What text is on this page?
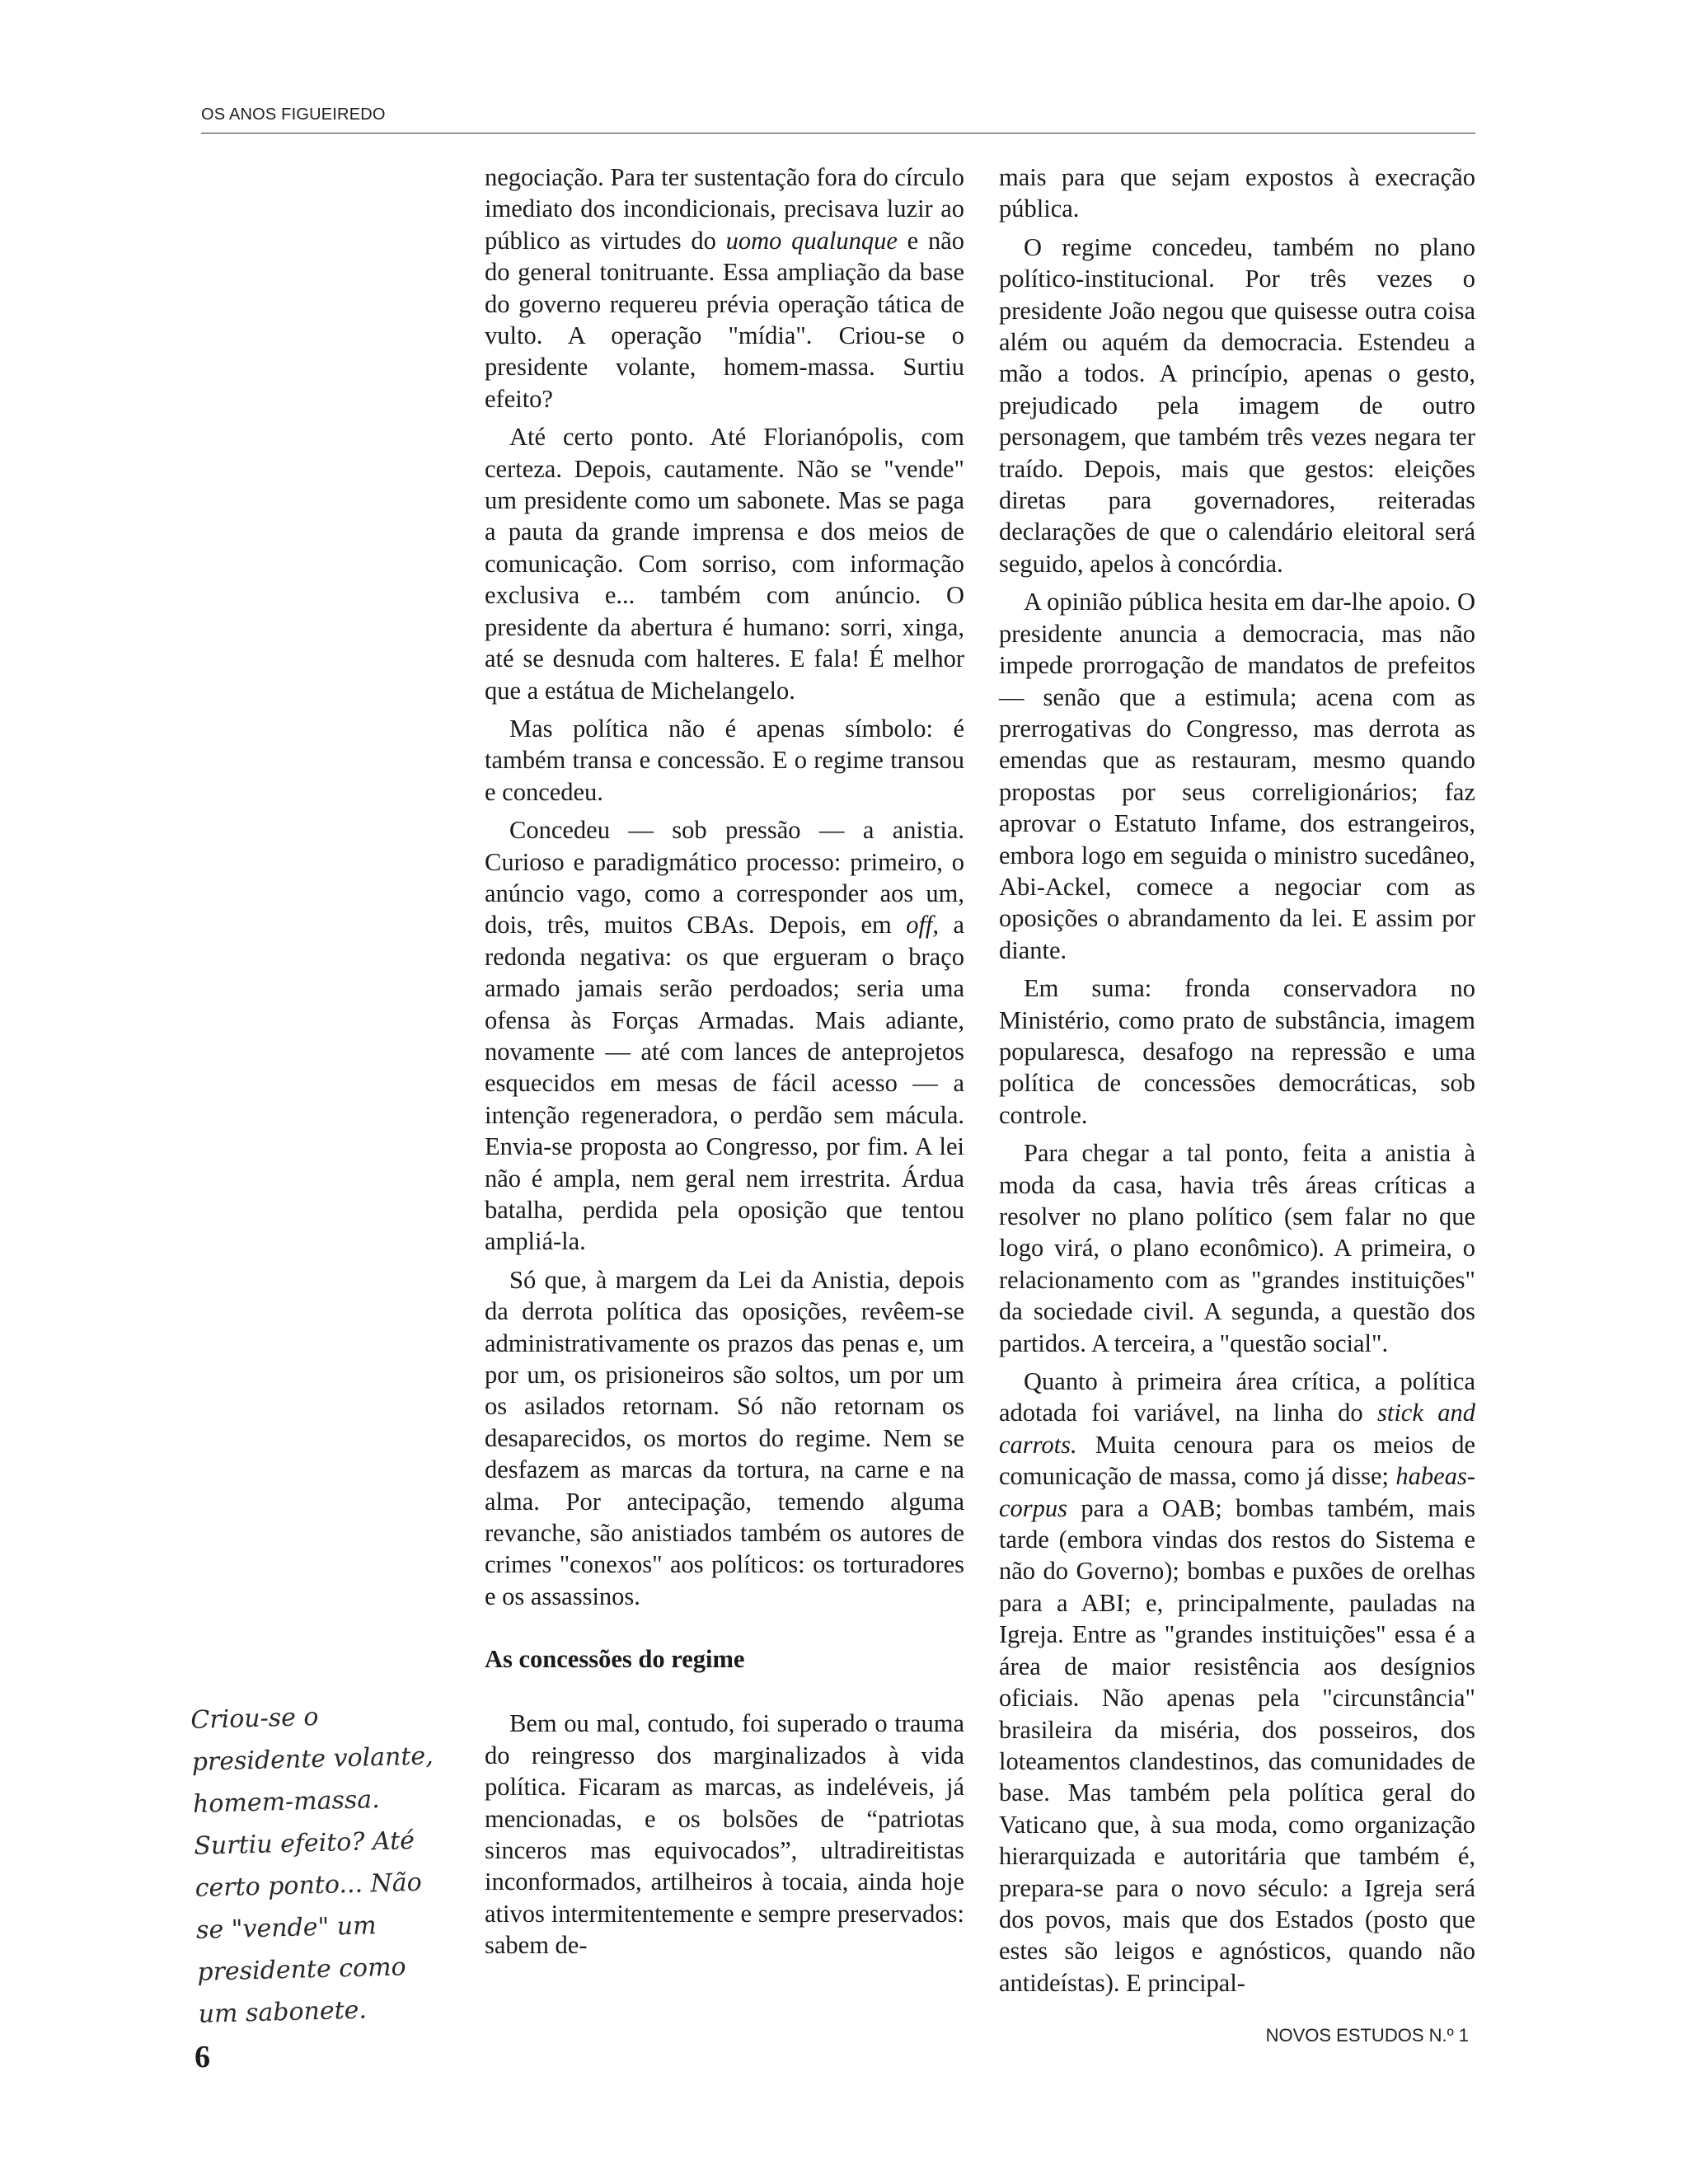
OS ANOS FIGUEIREDO

negociação. Para ter sustentação fora do círculo imediato dos incondicionais, precisava luzir ao público as virtudes do uomo qualunque e não do general tonitruante. Essa ampliação da base do governo requereu prévia operação tática de vulto. A operação "mídia". Criou-se o presidente volante, homem-massa. Surtiu efeito?

Até certo ponto. Até Florianópolis, com certeza. Depois, cautamente. Não se "vende" um presidente como um sabonete. Mas se paga a pauta da grande imprensa e dos meios de comunicação. Com sorriso, com informação exclusiva e... também com anúncio. O presidente da abertura é humano: sorri, xinga, até se desnuda com halteres. E fala! É melhor que a estátua de Michelangelo.

Mas política não é apenas símbolo: é também transa e concessão. E o regime transou e concedeu.

Concedeu — sob pressão — a anistia. Curioso e paradigmático processo: primeiro, o anúncio vago, como a corresponder aos um, dois, três, muitos CBAs. Depois, em off, a redonda negativa: os que ergueram o braço armado jamais serão perdoados; seria uma ofensa às Forças Armadas. Mais adiante, novamente — até com lances de anteprojetos esquecidos em mesas de fácil acesso — a intenção regeneradora, o perdão sem mácula. Envia-se proposta ao Congresso, por fim. A lei não é ampla, nem geral nem irrestrita. Árdua batalha, perdida pela oposição que tentou ampliá-la.

Só que, à margem da Lei da Anistia, depois da derrota política das oposições, revêem-se administrativamente os prazos das penas e, um por um, os prisioneiros são soltos, um por um os asilados retornam. Só não retornam os desaparecidos, os mortos do regime. Nem se desfazem as marcas da tortura, na carne e na alma. Por antecipação, temendo alguma revanche, são anistiados também os autores de crimes "conexos" aos políticos: os torturadores e os assassinos.

As concessões do regime

Bem ou mal, contudo, foi superado o trauma do reingresso dos marginalizados à vida política. Ficaram as marcas, as indeléveis, já mencionadas, e os bolsões de “patriotas sinceros mas equivocados”, ultradireitistas inconformados, artilheiros à tocaia, ainda hoje ativos intermitentemente e sempre preservados: sabem de-

mais para que sejam expostos à execração pública.

O regime concedeu, também no plano político-institucional. Por três vezes o presidente João negou que quisesse outra coisa além ou aquém da democracia. Estendeu a mão a todos. A princípio, apenas o gesto, prejudicado pela imagem de outro personagem, que também três vezes negara ter traído. Depois, mais que gestos: eleições diretas para governadores, reiteradas declarações de que o calendário eleitoral será seguido, apelos à concórdia.

A opinião pública hesita em dar-lhe apoio. O presidente anuncia a democracia, mas não impede prorrogação de mandatos de prefeitos — senão que a estimula; acena com as prerrogativas do Congresso, mas derrota as emendas que as restauram, mesmo quando propostas por seus correligionários; faz aprovar o Estatuto Infame, dos estrangeiros, embora logo em seguida o ministro sucedâneo, Abi-Ackel, comece a negociar com as oposições o abrandamento da lei. E assim por diante.

Em suma: fronda conservadora no Ministério, como prato de substância, imagem popularesca, desafogo na repressão e uma política de concessões democráticas, sob controle.

Para chegar a tal ponto, feita a anistia à moda da casa, havia três áreas críticas a resolver no plano político (sem falar no que logo virá, o plano econômico). A primeira, o relacionamento com as "grandes instituições" da sociedade civil. A segunda, a questão dos partidos. A terceira, a "questão social".

Quanto à primeira área crítica, a política adotada foi variável, na linha do stick and carrots. Muita cenoura para os meios de comunicação de massa, como já disse; habeas-corpus para a OAB; bombas também, mais tarde (embora vindas dos restos do Sistema e não do Governo); bombas e puxões de orelhas para a ABI; e, principalmente, pauladas na Igreja. Entre as "grandes instituições" essa é a área de maior resistência aos desígnios oficiais. Não apenas pela "circunstância" brasileira da miséria, dos posseiros, dos loteamentos clandestinos, das comunidades de base. Mas também pela política geral do Vaticano que, à sua moda, como organização hierarquizada e autoritária que também é, prepara-se para o novo século: a Igreja será dos povos, mais que dos Estados (posto que estes são leigos e agnósticos, quando não antideístas). E principal-

Criou-se o presidente volante, homem-massa. Surtiu efeito? Até certo ponto... Não se "vende" um presidente como um sabonete.
6
NOVOS ESTUDOS N.º 1
